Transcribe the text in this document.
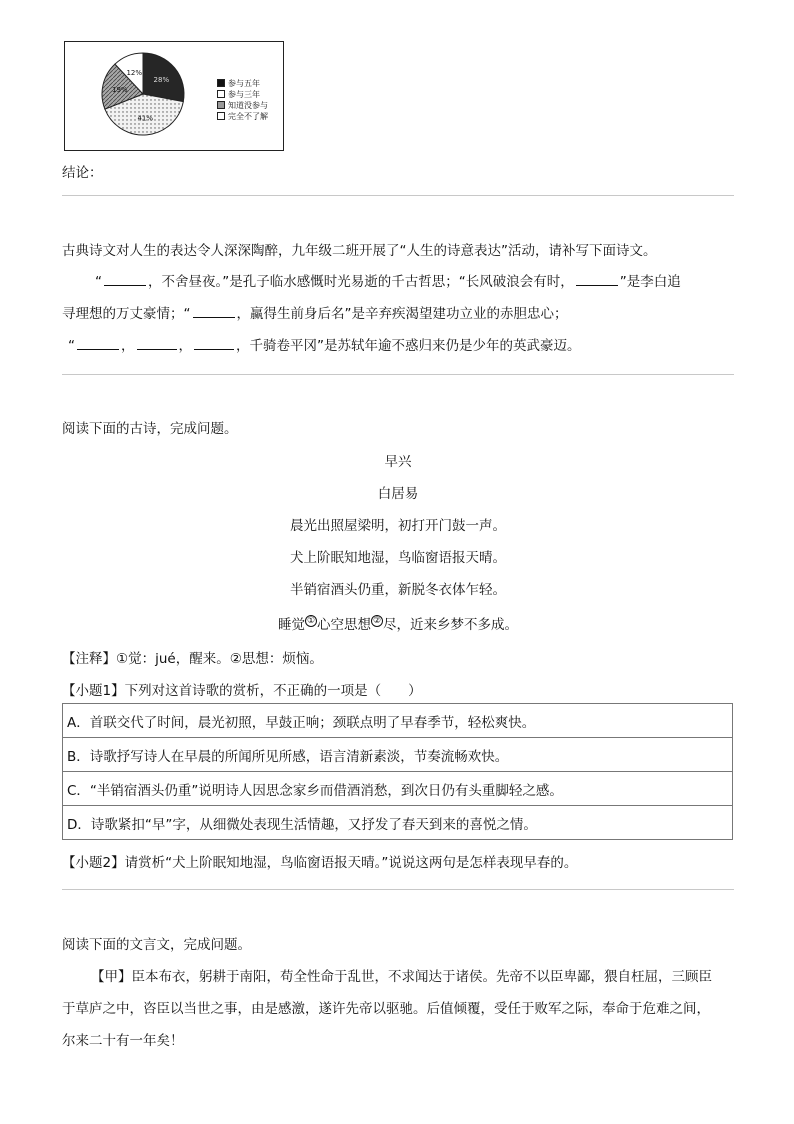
28%
41%
19%
12%
参与五年
参与三年
知道没参与
完全不了解
结论：
古典诗文对人生的表达令人深深陶醉，九年级二班开展了“人生的诗意表达”活动，请补写下面诗文。
“	，不舍昼夜。”是孔子临水感慨时光易逝的千古哲思；“长风破浪会有时，	”是李白追
寻理想的万丈豪情；“	，赢得生前身后名”是辛弃疾渴望建功立业的赤胆忠心；
“	，	，	，千骑卷平冈”是苏轼年逾不惑归来仍是少年的英武豪迈。
阅读下面的古诗，完成问题。
早兴
白居易
晨光出照屋梁明，初打开门鼓一声。
犬上阶眠知地湿，鸟临窗语报天晴。
半销宿酒头仍重，新脱冬衣体乍轻。
睡觉 ① 心空思想 ② 尽，近来乡梦不多成。
【注释】①觉：jué，醒来。②思想：烦恼。
【小题1】下列对这首诗歌的赏析，不正确的一项是（　　）
A．首联交代了时间，晨光初照，早鼓正响；颈联点明了早春季节，轻松爽快。
B．诗歌抒写诗人在早晨的所闻所见所感，语言清新素淡，节奏流畅欢快。
C．“半销宿酒头仍重”说明诗人因思念家乡而借酒消愁，到次日仍有头重脚轻之感。
D．诗歌紧扣“早”字，从细微处表现生活情趣，又抒发了春天到来的喜悦之情。
【小题2】请赏析“犬上阶眠知地湿，鸟临窗语报天晴。”说说这两句是怎样表现早春的。
阅读下面的文言文，完成问题。
【甲】臣本布衣，躬耕于南阳，苟全性命于乱世，不求闻达于诸侯。先帝不以臣卑鄙，猥自枉屈，三顾臣
于草庐之中，咨臣以当世之事，由是感激，遂许先帝以驱驰。后值倾覆，受任于败军之际，奉命于危难之间，
尔来二十有一年矣！
